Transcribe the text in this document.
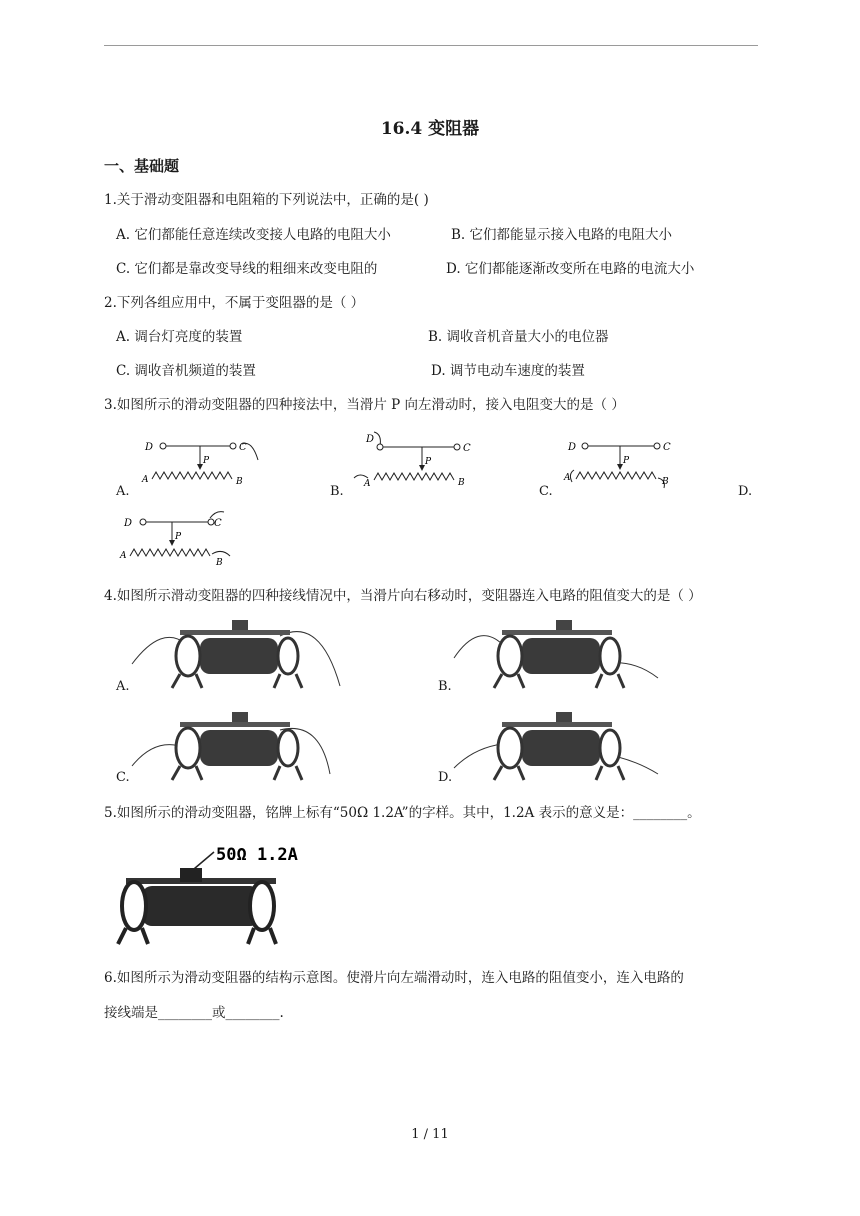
16.4 变阻器
一、基础题
1.关于滑动变阻器和电阻箱的下列说法中，正确的是( )
A. 它们都能任意连续改变接人电路的电阻大小	B. 它们都能显示接入电路的电阻大小
C. 它们都是靠改变导线的粗细来改变电阻的	D. 它们都能逐渐改变所在电路的电流大小
2.下列各组应用中，不属于变阻器的是（ ）
A. 调台灯亮度的装置	B. 调收音机音量大小的电位器
C. 调收音机频道的装置	D. 调节电动车速度的装置
3.如图所示的滑动变阻器的四种接法中，当滑片 P 向左滑动时，接入电阻变大的是（ ）
A.
D	C
P
A	B
B.
D
C
P
A	B
C.
D	C
P
A	B
D.
D	C
P
A
B
4.如图所示滑动变阻器的四种接线情况中，当滑片向右移动时，变阻器连入电路的阻值变大的是（ ）
A.	B.
C.	D.
5.如图所示的滑动变阻器，铭牌上标有“50Ω 1.2A”的字样。其中，1.2A 表示的意义是：________。
50Ω 1.2A
6.如图所示为滑动变阻器的结构示意图。使滑片向左端滑动时，连入电路的阻值变小，连入电路的
接线端是________或________.
1 / 11
